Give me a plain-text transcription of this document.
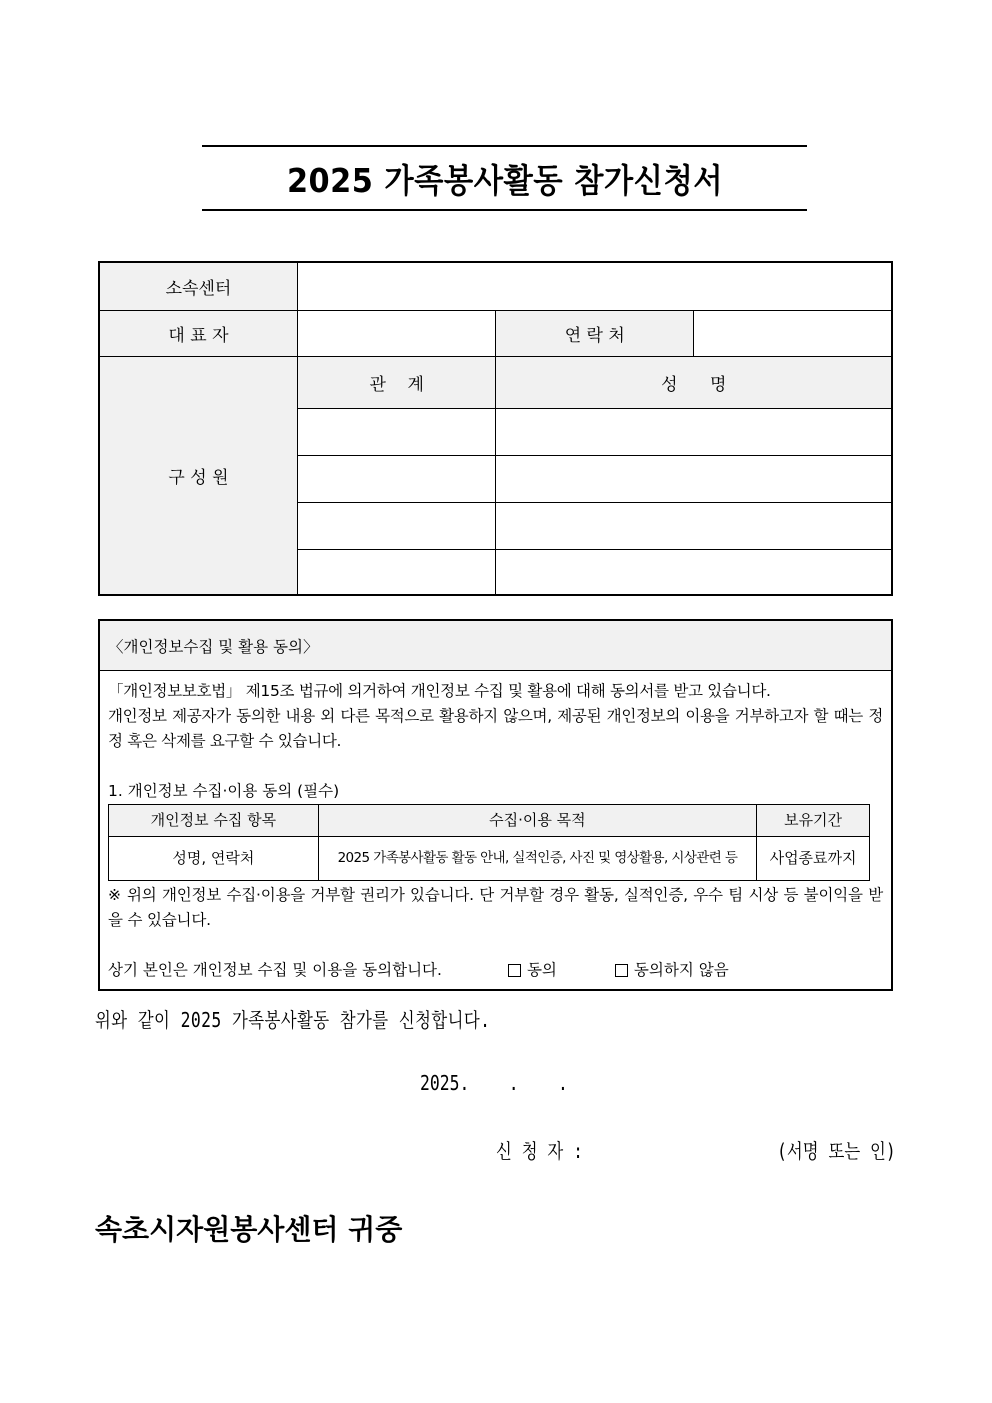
2025 가족봉사활동 참가신청서
소속센터			
대 표 자		연 락 처	
구 성 원	관    계	성      명	

〈개인정보수집 및 활용 동의〉

「개인정보보호법」 제15조 법규에 의거하여 개인정보 수집 및 활용에 대해 동의서를 받고 있습니다.

개인정보 제공자가 동의한 내용 외 다른 목적으로 활용하지 않으며, 제공된 개인정보의 이용을 거부하고자 할 때는 정정 혹은 삭제를 요구할 수 있습니다.

1. 개인정보 수집·이용 동의 (필수)
개인정보 수집 항목	수집·이용 목적	보유기간
성명, 연락처	2025 가족봉사활동 활동 안내, 실적인증, 사진 및 영상활용, 시상관련 등	사업종료까지

※ 위의 개인정보 수집·이용을 거부할 권리가 있습니다. 단 거부할 경우 활동, 실적인증, 우수 팀 시상 등 불이익을 받을 수 있습니다.

상기 본인은 개인정보 수집 및 이용을 동의합니다.	동의	동의하지 않음
위와 같이 2025 가족봉사활동 참가를 신청합니다.
2025. . .
신 청 자 :	(서명 또는 인)
속초시자원봉사센터 귀중
